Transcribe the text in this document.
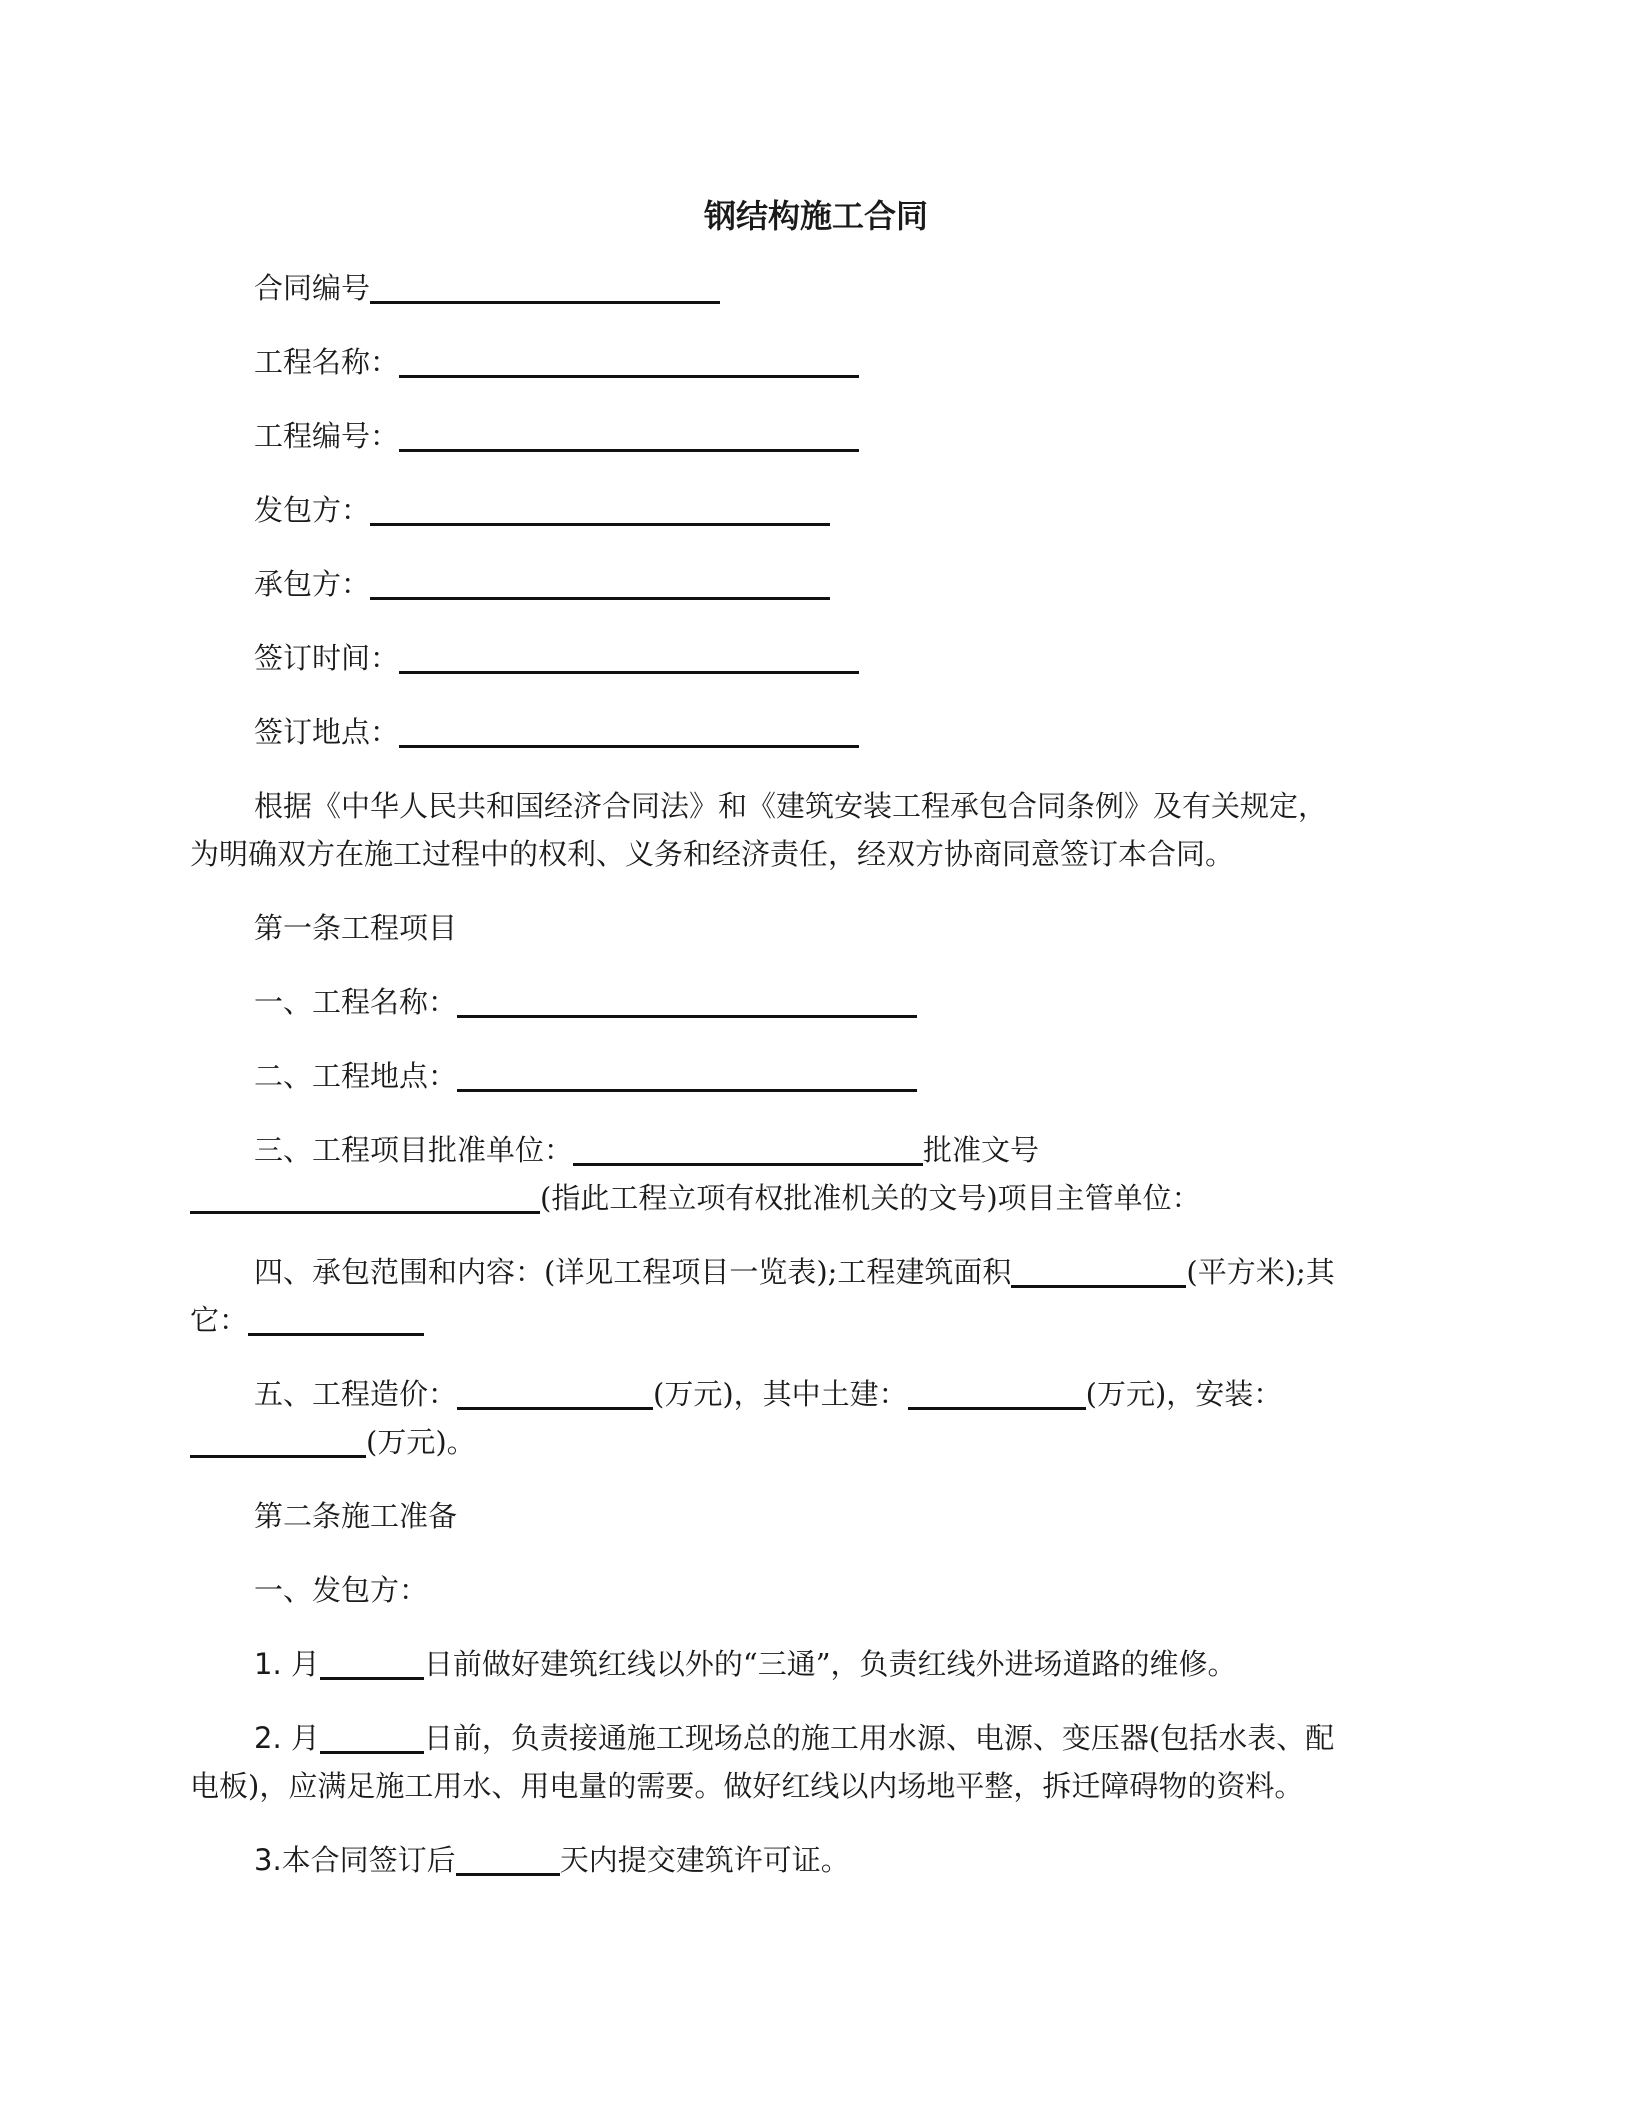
钢结构施工合同
合同编号
工程名称：
工程编号：
发包方：
承包方：
签订时间：
签订地点：
根据《中华人民共和国经济合同法》和《建筑安装工程承包合同条例》及有关规定，
为明确双方在施工过程中的权利、义务和经济责任，经双方协商同意签订本合同。
第一条工程项目
一、工程名称：
二、工程地点：
三、工程项目批准单位：	批准文号
(指此工程立项有权批准机关的文号)项目主管单位：
四、承包范围和内容：(详见工程项目一览表);工程建筑面积	(平方米);其
它：
五、工程造价：	(万元)，其中土建：	(万元)，安装：
(万元)。
第二条施工准备
一、发包方：
1. 月	日前做好建筑红线以外的“三通”，负责红线外进场道路的维修。
2. 月	日前，负责接通施工现场总的施工用水源、电源、变压器(包括水表、配
电板)，应满足施工用水、用电量的需要。做好红线以内场地平整，拆迁障碍物的资料。
3.本合同签订后	天内提交建筑许可证。
